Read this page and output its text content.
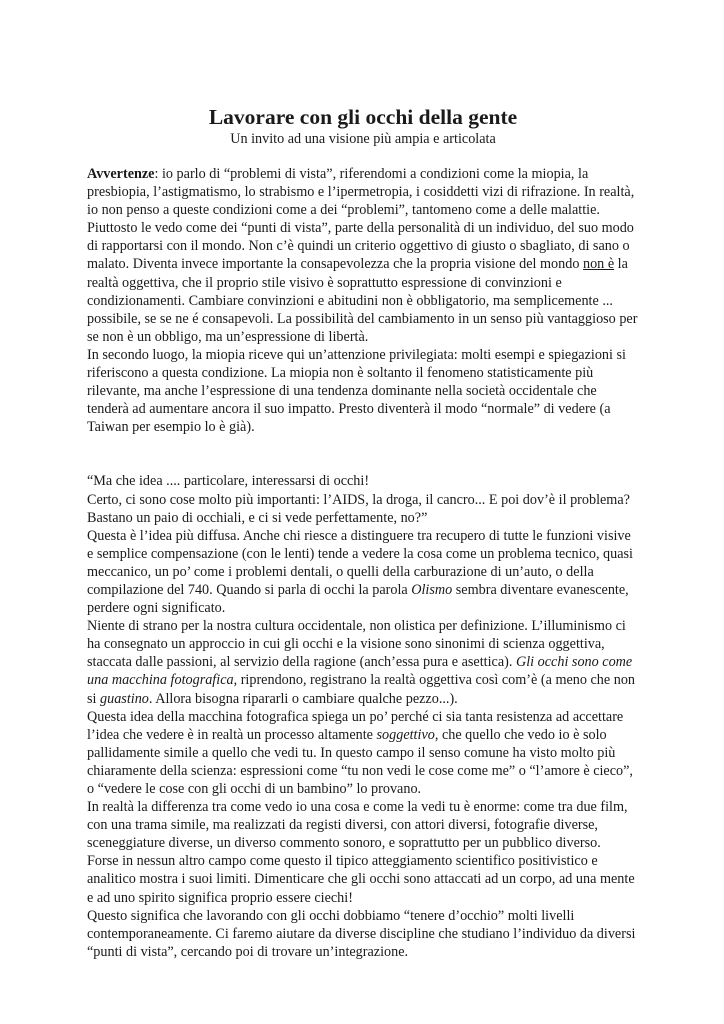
Lavorare con gli occhi della gente

Un invito ad una visione più ampia e articolata

Avvertenze: io parlo di “problemi di vista”, riferendomi a condizioni come la miopia, la presbiopia, l’astigmatismo, lo strabismo e l’ipermetropia, i cosiddetti vizi di rifrazione. In realtà, io non penso a queste condizioni come a dei “problemi”, tantomeno come a delle malattie. Piuttosto le vedo come dei “punti di vista”, parte della personalità di un individuo, del suo modo di rapportarsi con il mondo. Non c’è quindi un criterio oggettivo di giusto o sbagliato, di sano o malato. Diventa invece importante la consapevolezza che la propria visione del mondo non è la realtà oggettiva, che il proprio stile visivo è soprattutto espressione di convinzioni e condizionamenti. Cambiare convinzioni e abitudini non è obbligatorio, ma semplicemente ... possibile, se se ne é consapevoli. La possibilità del cambiamento in un senso più vantaggioso per se non è un obbligo, ma un’espressione di libertà.

In secondo luogo, la miopia riceve qui un’attenzione privilegiata: molti esempi e spiegazioni si riferiscono a questa condizione. La miopia non è soltanto il fenomeno statisticamente più rilevante, ma anche l’espressione di una tendenza dominante nella società occidentale che tenderà ad aumentare ancora il suo impatto. Presto diventerà il modo “normale” di vedere (a Taiwan per esempio lo è già).

“Ma che idea .... particolare, interessarsi di occhi!

Certo, ci sono cose molto più importanti: l’AIDS, la droga, il cancro... E poi dov’è il problema? Bastano un paio di occhiali, e ci si vede perfettamente, no?”

Questa è l’idea più diffusa. Anche chi riesce a distinguere tra recupero di tutte le funzioni visive e semplice compensazione (con le lenti) tende a vedere la cosa come un problema tecnico, quasi meccanico, un po’ come i problemi dentali, o quelli della carburazione di un’auto, o della compilazione del 740. Quando si parla di occhi la parola Olismo sembra diventare evanescente, perdere ogni significato.

Niente di strano per la nostra cultura occidentale, non olistica per definizione. L’illuminismo ci ha consegnato un approccio in cui gli occhi e la visione sono sinonimi di scienza oggettiva, staccata dalle passioni, al servizio della ragione (anch’essa pura e asettica). Gli occhi sono come una macchina fotografica, riprendono, registrano la realtà oggettiva così com’è (a meno che non si guastino. Allora bisogna ripararli o cambiare qualche pezzo...).

Questa idea della macchina fotografica spiega un po’ perché ci sia tanta resistenza ad accettare l’idea che vedere è in realtà un processo altamente soggettivo, che quello che vedo io è solo pallidamente simile a quello che vedi tu. In questo campo il senso comune ha visto molto più chiaramente della scienza: espressioni come “tu non vedi le cose come me” o “l’amore è cieco”, o “vedere le cose con gli occhi di un bambino” lo provano.

In realtà la differenza tra come vedo io una cosa e come la vedi tu è enorme: come tra due film, con una trama simile, ma realizzati da registi diversi, con attori diversi, fotografie diverse, sceneggiature diverse, un diverso commento sonoro, e soprattutto per un pubblico diverso.

Forse in nessun altro campo come questo il tipico atteggiamento scientifico positivistico e analitico mostra i suoi limiti. Dimenticare che gli occhi sono attaccati ad un corpo, ad una mente e ad uno spirito significa proprio essere ciechi!

Questo significa che lavorando con gli occhi dobbiamo “tenere d’occhio” molti livelli contemporaneamente. Ci faremo aiutare da diverse discipline che studiano l’individuo da diversi “punti di vista”, cercando poi di trovare un’integrazione.
